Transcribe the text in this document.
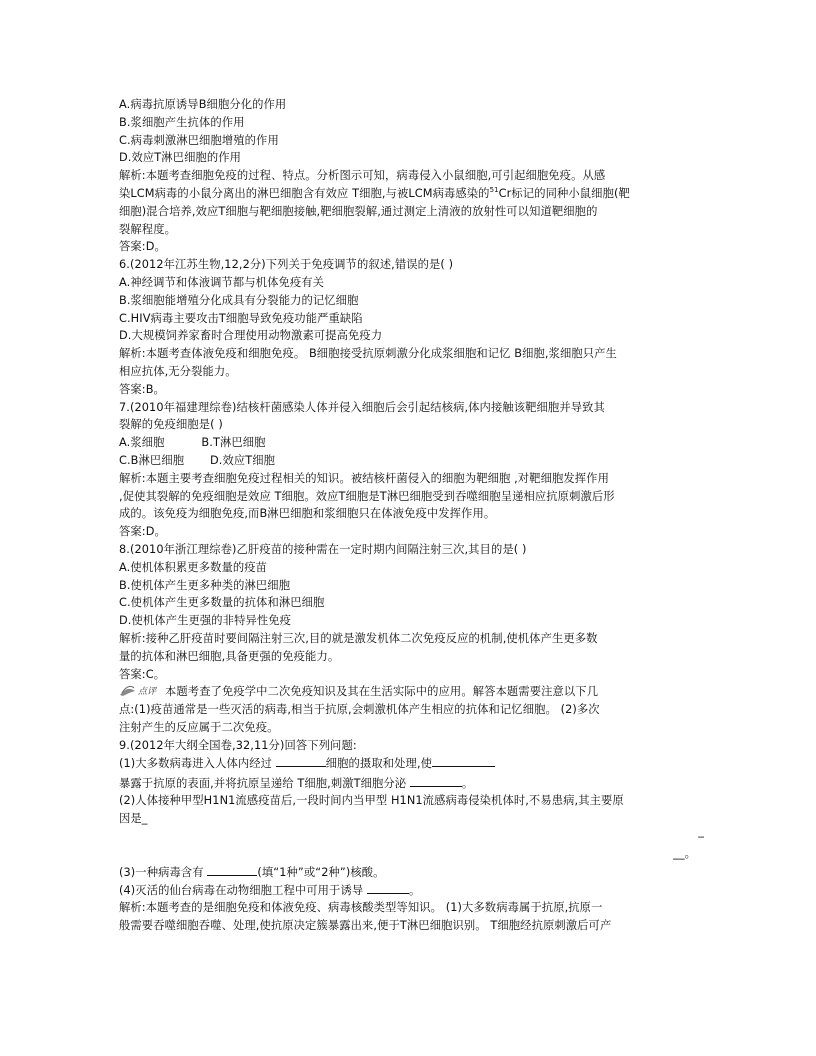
A.病毒抗原诱导B细胞分化的作用
B.浆细胞产生抗体的作用
C.病毒刺激淋巴细胞增殖的作用
D.效应T淋巴细胞的作用
解析:本题考查细胞免疫的过程、特点。分析图示可知，病毒侵入小鼠细胞,可引起细胞免疫。从感
染LCM病毒的小鼠分离出的淋巴细胞含有效应 T细胞,与被LCM病毒感染的$^{51}$Cr标记的同种小鼠细胞(靶
细胞)混合培养,效应T细胞与靶细胞接触,靶细胞裂解,通过测定上清液的放射性可以知道靶细胞的
裂解程度。
答案:D。
6.(2012年江苏生物,12,2分)下列关于免疫调节的叙述,错误的是( )
A.神经调节和体液调节都与机体免疫有关
B.浆细胞能增殖分化成具有分裂能力的记忆细胞
C.HIV病毒主要攻击T细胞导致免疫功能严重缺陷
D.大规模饲养家畜时合理使用动物激素可提高免疫力
解析:本题考查体液免疫和细胞免疫。 B细胞接受抗原刺激分化成浆细胞和记忆 B细胞,浆细胞只产生
相应抗体,无分裂能力。
答案:B。
7.(2010年福建理综卷)结核杆菌感染人体并侵入细胞后会引起结核病,体内接触该靶细胞并导致其
裂解的免疫细胞是( )
A.浆细胞          B.T淋巴细胞
C.B淋巴细胞       D.效应T细胞
解析:本题主要考查细胞免疫过程相关的知识。被结核杆菌侵入的细胞为靶细胞 ,对靶细胞发挥作用
,促使其裂解的免疫细胞是效应 T细胞。效应T细胞是T淋巴细胞受到吞噬细胞呈递相应抗原刺激后形
成的。该免疫为细胞免疫,而B淋巴细胞和浆细胞只在体液免疫中发挥作用。
答案:D。
8.(2010年浙江理综卷)乙肝疫苗的接种需在一定时期内间隔注射三次,其目的是( )
A.使机体积累更多数量的疫苗
B.使机体产生更多种类的淋巴细胞
C.使机体产生更多数量的抗体和淋巴细胞
D.使机体产生更强的非特异性免疫
解析:接种乙肝疫苗时要间隔注射三次,目的就是激发机体二次免疫反应的机制,使机体产生更多数
量的抗体和淋巴细胞,具备更强的免疫能力。
答案:C。
点评 本题考查了免疫学中二次免疫知识及其在生活实际中的应用。解答本题需要注意以下几
点:(1)疫苗通常是一些灭活的病毒,相当于抗原,会刺激机体产生相应的抗体和记忆细胞。 (2)多次
注射产生的反应属于二次免疫。
9.(2012年大纲全国卷,32,11分)回答下列问题:
(1)大多数病毒进入人体内经过	细胞的摄取和处理,使
暴露于抗原的表面,并将抗原呈递给 T细胞,刺激T细胞分泌	。
(2)人体接种甲型H1N1流感疫苗后,一段时间内当甲型 H1N1流感病毒侵染机体时,不易患病,其主要原
因是_
_
__。
(3)一种病毒含有	(填“1种”或“2种”)核酸。
(4)灭活的仙台病毒在动物细胞工程中可用于诱导	。
解析:本题考查的是细胞免疫和体液免疫、病毒核酸类型等知识。 (1)大多数病毒属于抗原,抗原一
般需要吞噬细胞吞噬、处理,使抗原决定簇暴露出来,便于T淋巴细胞识别。 T细胞经抗原刺激后可产
